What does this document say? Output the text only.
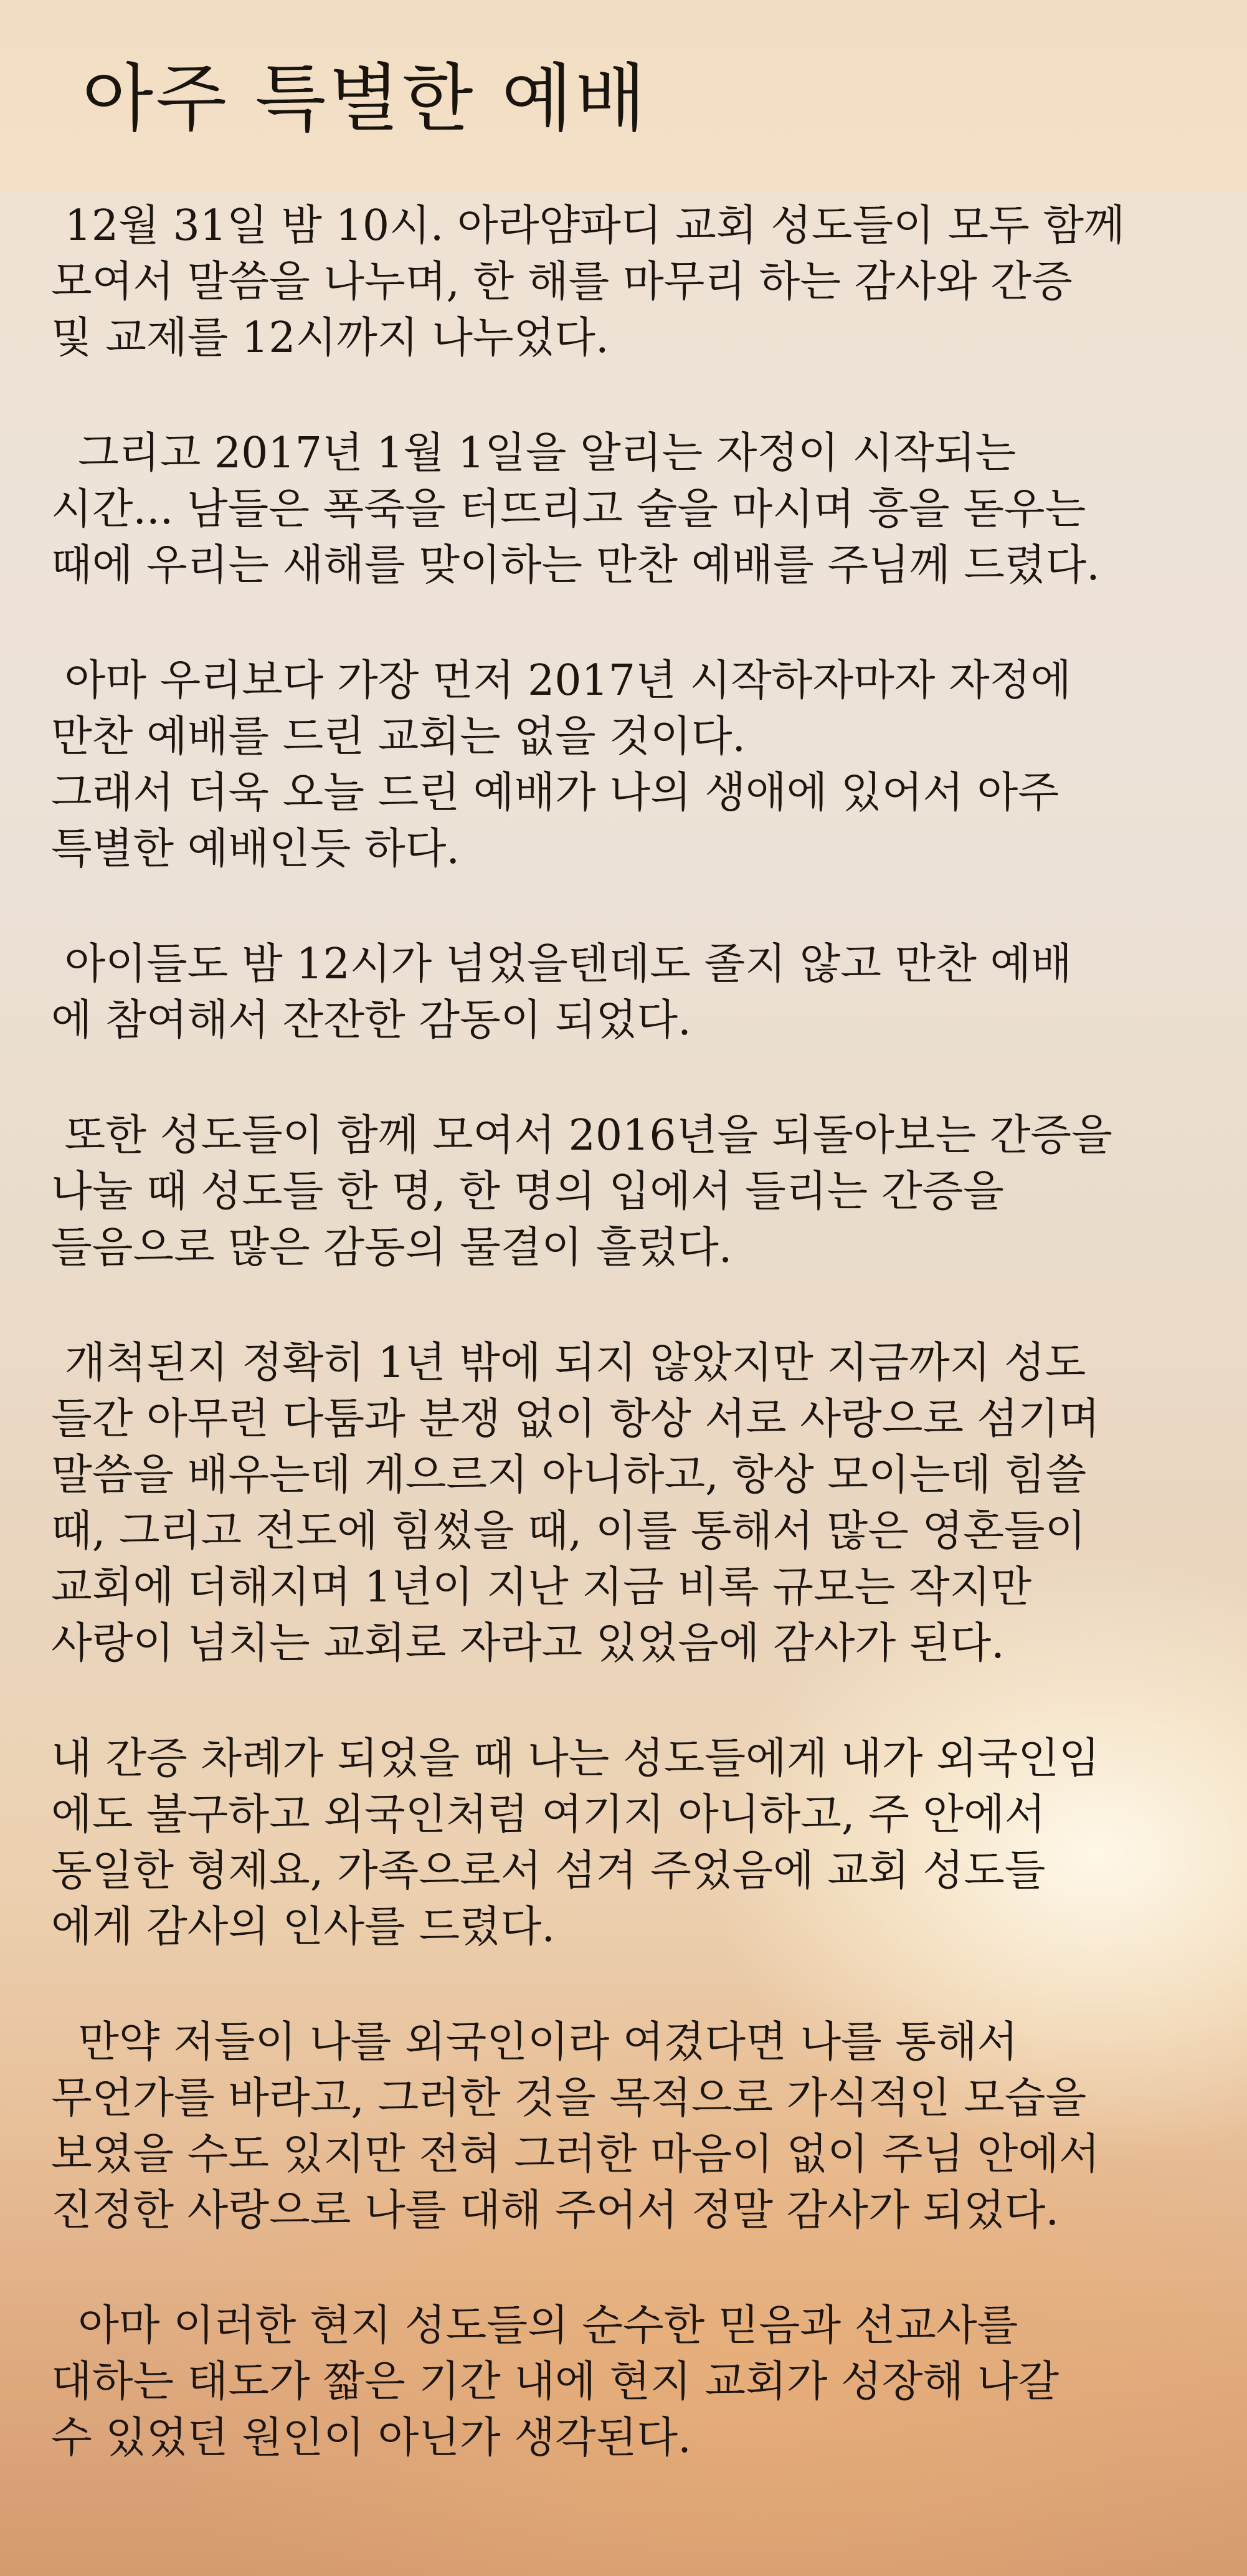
아주 특별한 예배

12월 31일 밤 10시. 아라얌파디 교회 성도들이 모두 함께
모여서 말씀을 나누며, 한 해를 마무리 하는 감사와 간증
및 교제를 12시까지 나누었다.

그리고 2017년 1월 1일을 알리는 자정이 시작되는
시간... 남들은 폭죽을 터뜨리고 술을 마시며 흥을 돋우는
때에 우리는 새해를 맞이하는 만찬 예배를 주님께 드렸다.

아마 우리보다 가장 먼저 2017년 시작하자마자 자정에
만찬 예배를 드린 교회는 없을 것이다.
그래서 더욱 오늘 드린 예배가 나의 생애에 있어서 아주
특별한 예배인듯 하다.

아이들도 밤 12시가 넘었을텐데도 졸지 않고 만찬 예배
에 참여해서 잔잔한 감동이 되었다.

또한 성도들이 함께 모여서 2016년을 되돌아보는 간증을
나눌 때 성도들 한 명, 한 명의 입에서 들리는 간증을
들음으로 많은 감동의 물결이 흘렀다.

개척된지 정확히 1년 밖에 되지 않았지만 지금까지 성도
들간 아무런 다툼과 분쟁 없이 항상 서로 사랑으로 섬기며
말씀을 배우는데 게으르지 아니하고, 항상 모이는데 힘쓸
때, 그리고 전도에 힘썼을 때, 이를 통해서 많은 영혼들이
교회에 더해지며 1년이 지난 지금 비록 규모는 작지만
사랑이 넘치는 교회로 자라고 있었음에 감사가 된다.

내 간증 차례가 되었을 때 나는 성도들에게 내가 외국인임
에도 불구하고 외국인처럼 여기지 아니하고, 주 안에서
동일한 형제요, 가족으로서 섬겨 주었음에 교회 성도들
에게 감사의 인사를 드렸다.

만약 저들이 나를 외국인이라 여겼다면 나를 통해서
무언가를 바라고, 그러한 것을 목적으로 가식적인 모습을
보였을 수도 있지만 전혀 그러한 마음이 없이 주님 안에서
진정한 사랑으로 나를 대해 주어서 정말 감사가 되었다.

아마 이러한 현지 성도들의 순수한 믿음과 선교사를
대하는 태도가 짧은 기간 내에 현지 교회가 성장해 나갈
수 있었던 원인이 아닌가 생각된다.
